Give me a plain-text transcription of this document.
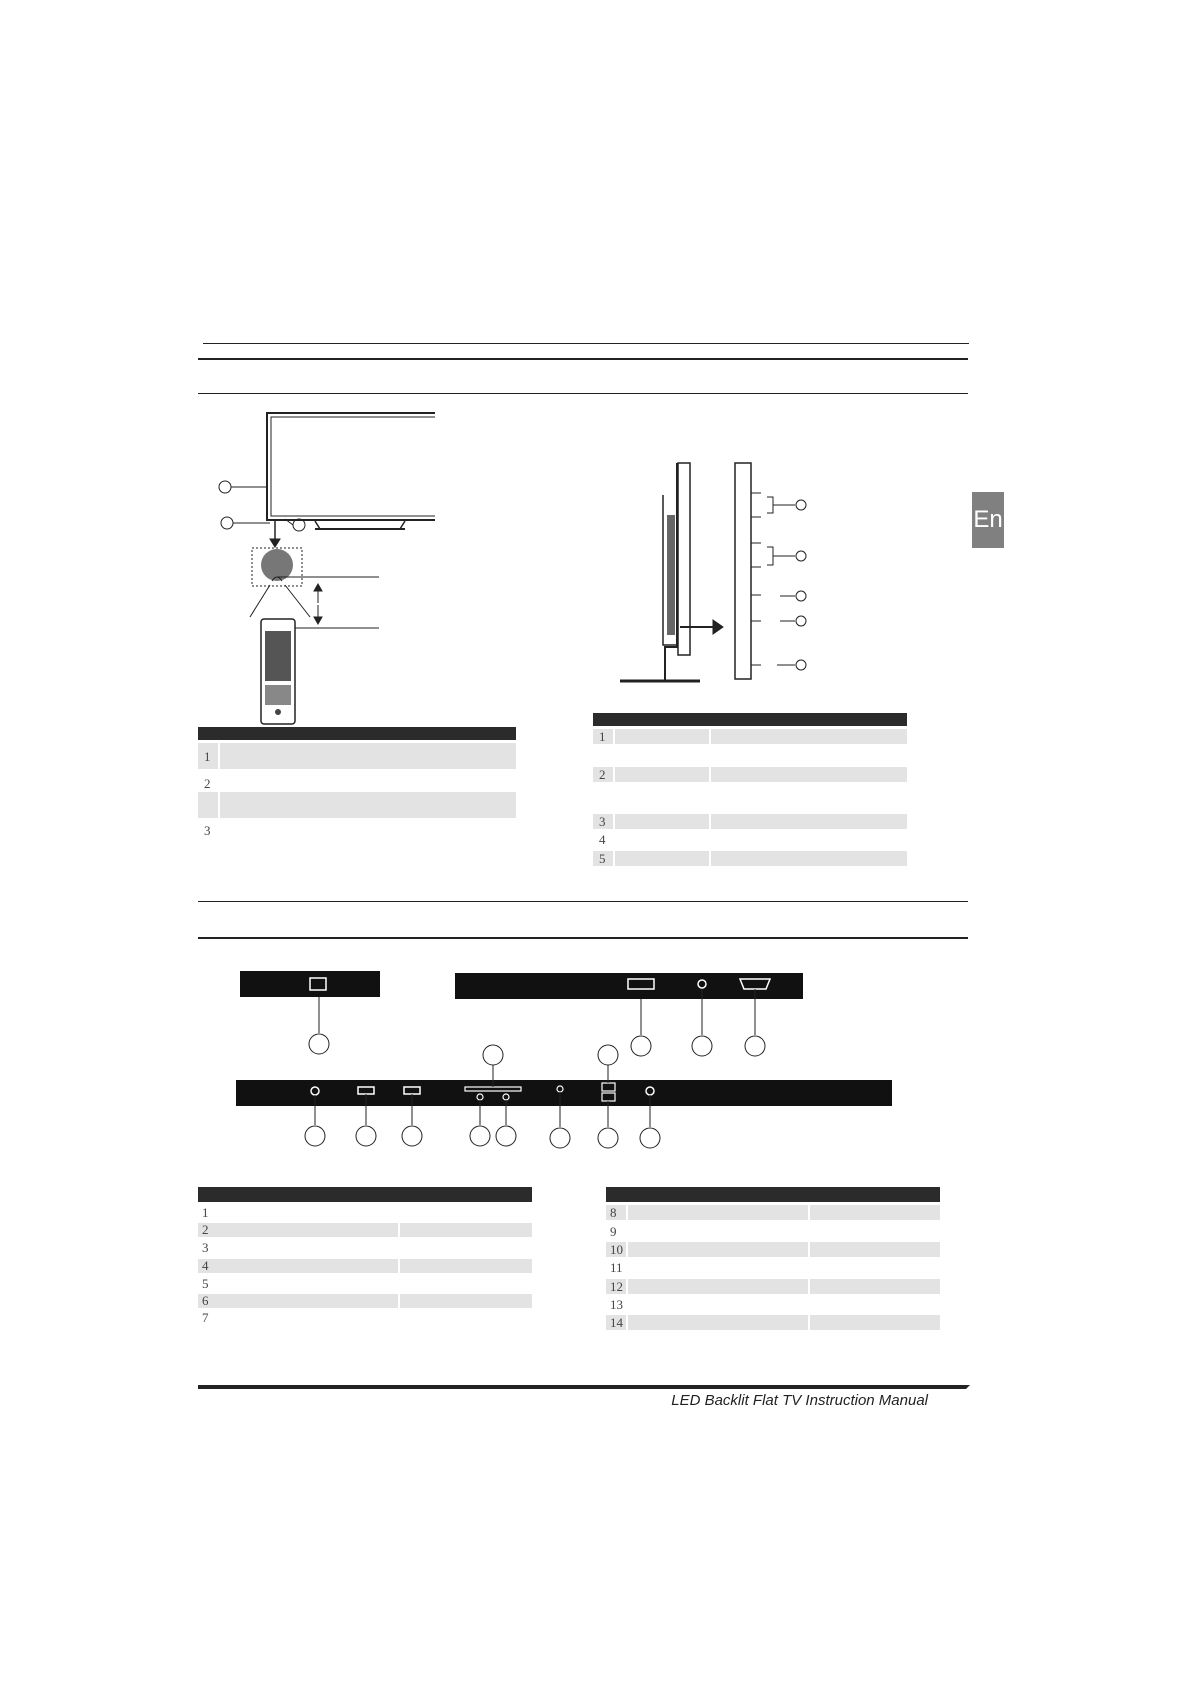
En
1
2
3
1
2
3
4
5
1
2
3
4
5
6
7
8
9
10
11
12
13
14
LED Backlit Flat TV Instruction Manual
